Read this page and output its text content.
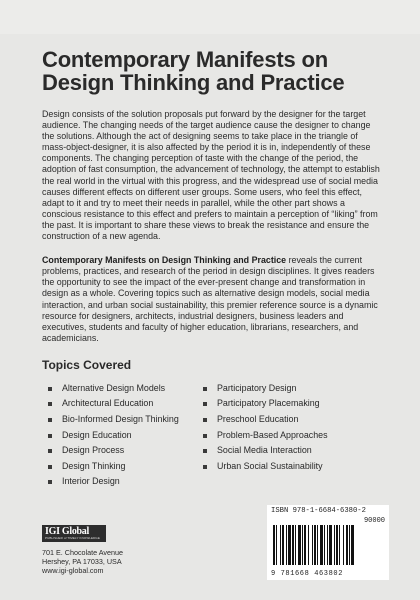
Contemporary Manifests on
Design Thinking and Practice

Design consists of the solution proposals put forward by the designer for the target audience. The changing needs of the target audience cause the designer to change the solutions. Although the act of designing seems to take place in the triangle of mass-object-designer, it is also affected by the period it is in, independently of these components. The changing perception of taste with the change of the period, the adoption of fast consumption, the advancement of technology, the attempt to establish the real world in the virtual with this progress, and the widespread use of social media causes different effects on different user groups. Some users, who feel this effect, adapt to it and try to meet their needs in parallel, while the other part shows a conscious resistance to this effect and prefers to maintain a perception of “liking” from the past. It is important to share these views to break the resistance and ensure the construction of a new agenda.

Contemporary Manifests on Design Thinking and Practice reveals the current problems, practices, and research of the period in design disciplines. It gives readers the opportunity to see the impact of the ever-present change and transformation in design as a whole. Covering topics such as alternative design models, social media interaction, and urban social sustainability, this premier reference source is a dynamic resource for designers, architects, industrial designers, business leaders and executives, students and faculty of higher education, librarians, researchers, and academicians.

Topics Covered
Alternative Design Models
Architectural Education
Bio-Informed Design Thinking
Design Education
Design Process
Design Thinking
Interior Design
Participatory Design
Participatory Placemaking
Preschool Education
Problem-Based Approaches
Social Media Interaction
Urban Social Sustainability
IGI Global
PUBLISHER of TIMELY KNOWLEDGE
701 E. Chocolate Avenue
Hershey, PA 17033, USA
www.igi-global.com
ISBN 978-1-6684-6380-2
90000
9 781668 463802
